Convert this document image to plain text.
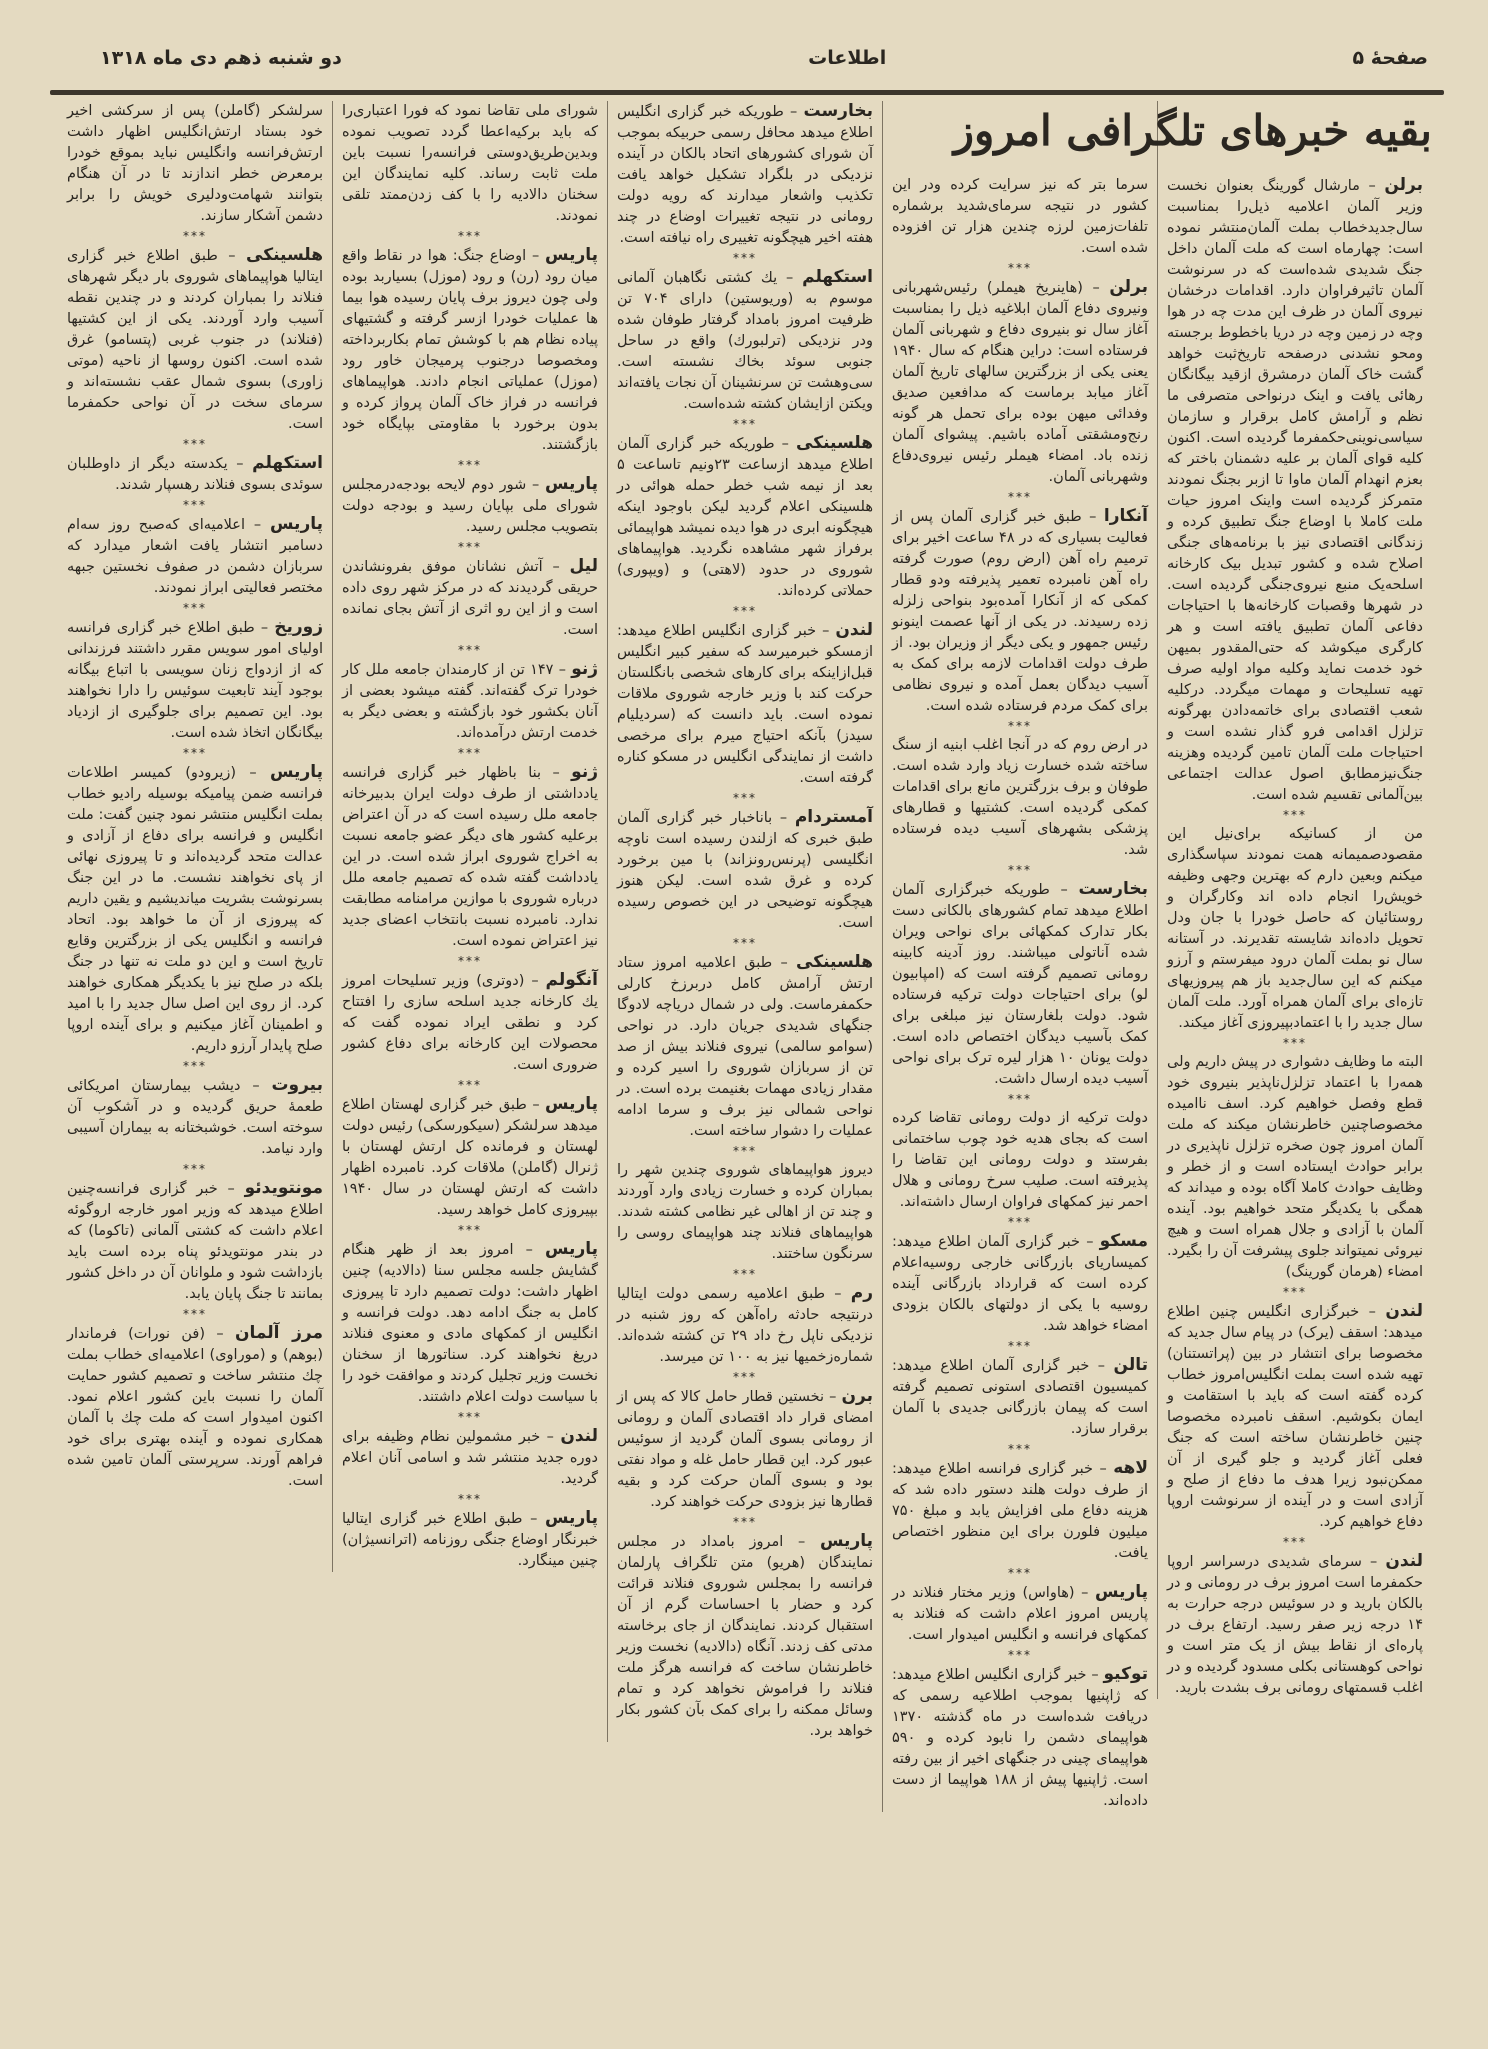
صفحهٔ ۵
اطلاعات
دو شنبه ذهم دی ماه ۱۳۱۸
بقیه خبرهای تلگرافی امروز

برلن – مارشال گورینگ بعنوان نخست وزیر آلمان اعلامیه ذیل‌را بمناسبت سال‌جدیدخطاب بملت آلمان‌منتشر نموده است: چهارماه است که ملت آلمان داخل جنگ شدیدی شده‌است که در سرنوشت آلمان تاثیرفراوان دارد. اقدامات درخشان نیروی آلمان در ظرف این مدت چه در هوا وچه در زمین وچه در دریا باخطوط برجسته ومحو نشدنی درصفحه تاریخ‌ثبت خواهد گشت خاک آلمان درمشرق ازقید بیگانگان رهائی یافت و اینک درنواحی متصرفی ما نظم و آرامش کامل برقرار و سازمان سیاسی‌نوینی‌حکمفرما گردیده است. اکنون کلیه قوای آلمان بر علیه دشمنان باختر که بعزم انهدام آلمان ماوا تا ازبر بجنگ نمودند متمرکز گردیده است واینک امروز حیات ملت کاملا با اوضاع جنگ تطبیق کرده و زندگانی اقتصادی نیز با برنامه‌های جنگی اصلاح شده و کشور تبدیل بیک کارخانه اسلحه‌یک منبع نیروی‌جنگی گردیده است. در شهرها وقصبات کارخانه‌ها با احتیاجات دفاعی آلمان تطبیق یافته است و هر کارگری میکوشد که حتی‌المقدور بمیهن خود خدمت نماید وکلیه مواد اولیه صرف تهیه تسلیحات و مهمات میگردد. درکلیه شعب اقتصادی برای خاتمه‌دادن بهرگونه تزلزل اقدامی فرو گذار نشده است و احتیاجات ملت آلمان تامین گردیده وهزینه جنگ‌نیزمطابق اصول عدالت اجتماعی بین‌آلمانی تقسیم شده است.

***

من از کسانیکه برای‌نیل این مقصودصمیمانه همت نمودند سپاسگذاری میکنم وبعین دارم که بهترین وجهی وظیفه خویش‌را انجام داده اند وکارگران و روستائیان که حاصل خودرا با جان ودل تحویل داده‌اند شایسته تقدیرند. در آستانه سال نو بملت آلمان درود میفرستم و آرزو میکنم که این سال‌جدید باز هم پیروزیهای تازه‌ای برای آلمان همراه آورد. ملت آلمان سال جدید را با اعتمادبپیروزی آغاز میکند.

***

البته ما وظایف دشواری در پیش داریم ولی همه‌را با اعتماد تزلزل‌ناپذیر بنیروی خود قطع وفصل خواهیم کرد. اسف ناامیده مخصوصاچنین خاطرنشان میکند که ملت آلمان امروز چون صخره تزلزل ناپذیری در برابر حوادث ایستاده است و از خطر و وظایف حوادث کاملا آگاه بوده و میداند که همگی با یکدیگر متحد خواهیم بود. آینده آلمان با آزادی و جلال همراه است و هیچ نیروئی نمیتواند جلوی پیشرفت آن را بگیرد. امضاء (هرمان گورینگ)

***

لندن – خبرگزاری انگلیس چنین اطلاع میدهد: اسقف (یرک) در پیام سال جدید که مخصوصا برای انتشار در بین (پراتستنان) تهیه شده است بملت انگلیس‌امروز خطاب کرده گفته است که باید با استقامت و ایمان بکوشیم. اسقف نامبرده مخصوصا چنین خاطرنشان ساخته است که جنگ فعلی آغاز گردید و جلو گیری از آن ممکن‌نبود زیرا هدف ما دفاع از صلح و آزادی است و در آینده از سرنوشت اروپا دفاع خواهیم کرد.

***

لندن – سرمای شدیدی درسراسر اروپا حکمفرما است امروز برف در رومانی و در بالکان بارید و در سوئیس درجه حرارت به ۱۴ درجه زیر صفر رسید. ارتفاع برف در پاره‌ای از نقاط بیش از یک متر است و نواحی کوهستانی بکلی مسدود گردیده و در اغلب قسمتهای رومانی برف بشدت بارید.

سرما بتر که نیز سرایت کرده ودر این کشور در نتیجه سرمای‌شدید برشماره تلفات‌زمین لرزه چندین هزار تن افزوده شده است.

***

برلن – (هاینریخ هیملر) رئیس‌شهربانی ونیروی دفاع آلمان ابلاغیه ذیل را بمناسبت آغاز سال نو بنیروی دفاع و شهربانی آلمان فرستاده است: دراین هنگام که سال ۱۹۴۰ یعنی یکی از بزرگترین سالهای تاریخ آلمان آغاز میابد برماست که مدافعین صدیق وفدائی میهن بوده برای تحمل هر گونه رنج‌ومشقتی آماده باشیم. پیشوای آلمان زنده باد. امضاء هیملر رئیس نیروی‌دفاع وشهربانی آلمان.

***

آنکارا – طبق خبر گزاری آلمان پس از فعالیت بسیاری که در ۴۸ ساعت اخیر برای ترمیم راه آهن (ارض روم) صورت گرفته راه آهن نامبرده تعمیر پذیرفته ودو قطار کمکی که از آنکارا آمده‌بود بنواحی زلزله زده رسیدند. در یکی از آنها عصمت اینونو رئیس جمهور و یکی دیگر از وزیران بود. از طرف دولت اقدامات لازمه برای کمک به آسیب دیدگان بعمل آمده و نیروی نظامی برای کمک مردم فرستاده شده است.

***

در ارض روم که در آنجا اغلب ابنیه از سنگ ساخته شده خسارت زیاد وارد شده است. طوفان و برف بزرگترین مانع برای اقدامات کمکی گردیده است. کشتیها و قطارهای پزشکی بشهرهای آسیب دیده فرستاده شد.

***

بخارست – طوریکه خبرگزاری آلمان اطلاع میدهد تمام کشورهای بالکانی دست بکار تدارک کمکهائی برای نواحی ویران شده آناتولی میباشند. روز آدینه کابینه رومانی تصمیم گرفته است که (امپابیون لو) برای‌ احتیاجات دولت ترکیه فرستاده شود. دولت بلغارستان نیز مبلغی برای کمک بآسیب دیدگان اختصاص داده است. دولت یونان ۱۰ هزار لیره ترک برای نواحی آسیب دیده ارسال داشت.

***

دولت ترکیه از دولت رومانی تقاضا کرده است که بجای هدیه خود چوب ساختمانی بفرستد و دولت رومانی این تقاضا را پذیرفته است. صلیب سرخ رومانی و هلال احمر نیز کمکهای فراوان ارسال داشته‌اند.

***

مسکو – خبر گزاری آلمان اطلاع میدهد: کمیساریای بازرگانی خارجی روسیه‌اعلام کرده است که قرارداد بازرگانی آینده روسیه با یکی از دولتهای بالکان بزودی امضاء خواهد شد.

***

تالن – خبر گزاری آلمان اطلاع میدهد: کمیسیون اقتصادی استونی تصمیم گرفته است که پیمان بازرگانی جدیدی با آلمان برقرار سازد.

***

لاهه – خبر گزاری فرانسه اطلاع میدهد: از طرف دولت هلند دستور داده شد که هزینه دفاع ملی افزایش یابد و مبلغ ۷۵۰ میلیون فلورن برای این منظور اختصاص یافت.

***

پاریس – (هاواس) وزیر مختار فنلاند در پاریس امروز اعلام داشت که فنلاند به کمکهای فرانسه و انگلیس امیدوار است.

***

توکیو – خبر گزاری انگلیس اطلاع میدهد: که ژاپنیها بموجب اطلاعیه رسمی که دریافت شده‌است در ماه گذشته ۱۳۷۰ هواپیمای دشمن را نابود کرده و ۵۹۰ هواپیمای چینی در جنگهای اخیر از بین رفته است. ژاپنیها پیش از ۱۸۸ هواپیما از دست داده‌اند.

بخارست – طوریکه خبر گزاری انگلیس اطلاع میدهد محافل رسمی حربیکه بموجب آن شورای کشورهای اتحاد بالکان در آینده نزدیکی در بلگراد تشکیل خواهد یافت تکذیب واشعار میدارند که رویه دولت رومانی در نتیجه تغییرات اوضاع در چند هفته اخیر هیچگونه تغییری راه نیافته است.

***

استکهلم – یك کشتی نگاهبان آلمانی موسوم به (وریوستین) دارای ۷۰۴ تن ظرفیت امروز بامداد گرفتار طوفان شده ودر نزدیکی (ترلبورك) واقع در ساحل جنوبی سوئد بخاك نشسته است. سی‌وهشت تن سرنشینان آن نجات یافته‌اند ویکتن ازایشان کشته شده‌است.

***

هلسینکی – طوریکه خبر گزاری آلمان اطلاع میدهد ازساعت ۲۳ونیم تاساعت ۵ بعد از نیمه شب خطر حمله هوائی در هلسینکی اعلام گردید لیکن باوجود اینکه هیچگونه ابری در هوا دیده نمیشد هواپیمائی برفراز شهر مشاهده نگردید. هواپیماهای شوروی در حدود (لاهتی) و (ویپوری) حملاتی کرده‌اند.

***

لندن – خبر گزاری انگلیس اطلاع میدهد: ازمسکو خبرمیرسد که سفیر کبیر انگلیس قبل‌ازاینکه برای کارهای شخصی بانگلستان حرکت کند با وزیر خارجه شوروی ملاقات نموده است. باید دانست که (سردیلیام سیدز) بآنکه احتیاج میرم برای مرخصی داشت از نمایندگی انگلیس در مسکو کناره گرفته است.

***

آمستردام – باناخبار خبر گزاری آلمان طبق خبری که ازلندن رسیده است ناوچه انگلیسی (پرنس‌رونزاند) با مین برخورد کرده و غرق شده است. لیکن هنوز هیچگونه توضیحی در این خصوص رسیده است.

***

هلسینکی – طبق اعلامیه امروز ستاد ارتش آرامش کامل دربرزخ کارلی حکمفرماست. ولی در شمال دریاچه لادوگا جنگهای شدیدی جریان دارد. در نواحی (سوامو سالمی) نیروی فنلاند بیش از صد تن از سربازان شوروی را اسیر کرده و مقدار زیادی مهمات بغنیمت برده است. در نواحی شمالی نیز برف و سرما ادامه عملیات را دشوار ساخته است.

***

دیروز هواپیماهای شوروی چندین شهر را بمباران کرده و خسارت زیادی وارد آوردند و چند تن از اهالی غیر نظامی کشته شدند. هواپیماهای فنلاند چند هواپیمای روسی را سرنگون ساختند.

***

رم – طبق اعلامیه رسمی دولت ایتالیا درنتیجه حادثه راه‌آهن که روز شنبه در نزدیکی ناپل رخ داد ۲۹ تن کشته شده‌اند. شماره‌زخمیها نیز به ۱۰۰ تن میرسد.

***

برن – نخستین قطار حامل کالا که پس از امضای قرار داد اقتصادی آلمان و رومانی از رومانی بسوی آلمان گردید از سوئیس عبور کرد. این قطار حامل غله و مواد نفتی بود و بسوی آلمان حرکت کرد و بقیه قطارها نیز بزودی حرکت خواهند کرد.

***

پاریس – امروز بامداد در مجلس نمایندگان (هریو) متن تلگراف پارلمان فرانسه را بمجلس شوروی فنلاند قرائت کرد و حضار با احساسات گرم از آن استقبال کردند. نمایندگان از جای برخاسته مدتی کف زدند. آنگاه (دالادیه) نخست وزیر خاطرنشان ساخت که فرانسه هرگز ملت فنلاند را فراموش نخواهد کرد و تمام وسائل ممکنه را برای کمک بآن کشور بکار خواهد برد.

شورای ملی تقاضا نمود که فورا اعتباری‌را که باید برکیه‌اعطا گردد تصویب نموده وبدین‌طریق‌دوستی فرانسه‌را نسبت باین ملت ثابت رساند. کلیه نمایندگان این سخنان دالادیه را با کف زدن‌ممتد تلقی نمودند.

***

پاریس – اوضاع جنگ: هوا در نقاط واقع میان رود (رن) و رود (موزل) بسیاربد بوده ولی چون دیروز برف پایان رسیده هوا بیما ها عملیات خودرا ازسر گرفته و گشتیهای پیاده نظام هم با کوشش تمام بکاربرداخته ومخصوصا درجنوب پرمیجان خاور رود (موزل) عملیاتی انجام دادند. هواپیماهای فرانسه در فراز خاک آلمان پرواز کرده و بدون برخورد با مقاومتی بپایگاه خود بازگشتند.

***

پاریس – شور دوم لایحه بودجه‌درمجلس شورای ملی بپایان رسید و بودجه دولت بتصویب مجلس رسید.

***

لیل – آتش نشانان موفق بفرونشاندن حریقی گردیدند که در مرکز شهر روی داده است و از این رو اثری از آتش بجای نمانده است.

***

ژنو – ۱۴۷ تن از کارمندان جامعه ملل کار خودرا ترک گفته‌اند. گفته میشود بعضی از آنان بکشور خود بازگشته و بعضی دیگر به خدمت ارتش درآمده‌اند.

***

ژنو – بنا باظهار خبر گزاری فرانسه یادداشتی از طرف دولت ایران بدبیرخانه جامعه ملل رسیده است که در آن اعتراض برعلیه کشور های دیگر عضو جامعه نسبت به اخراج شوروی ابراز شده است. در این یادداشت گفته شده که تصمیم جامعه ملل درباره شوروی با موازین مرامنامه مطابقت ندارد. نامبرده نسبت بانتخاب اعضای جدید نیز اعتراض نموده است.

***

آنگولم – (دوتری) وزیر تسلیحات امروز یك کارخانه جدید اسلحه سازی را افتتاح کرد و نطقی ایراد نموده گفت که محصولات این کارخانه برای دفاع کشور ضروری است.

***

پاریس – طبق خبر گزاری لهستان اطلاع میدهد سرلشکر (سیکورسکی) رئیس دولت لهستان و فرمانده کل ارتش لهستان با ژنرال (گاملن) ملاقات کرد. نامبرده اظهار داشت که ارتش لهستان در سال ۱۹۴۰ بپیروزی کامل خواهد رسید.

***

پاریس – امروز بعد از ظهر هنگام گشایش جلسه مجلس سنا (دالادیه) چنین اظهار داشت: دولت تصمیم دارد تا پیروزی کامل به جنگ ادامه دهد. دولت فرانسه و انگلیس از کمکهای مادی و معنوی فنلاند دریغ نخواهند کرد. سناتورها از سخنان نخست وزیر تجلیل کردند و موافقت خود را با سیاست دولت اعلام داشتند.

***

لندن – خبر مشمولین نظام وظیفه برای دوره جدید منتشر شد و اسامی آنان اعلام گردید.

***

پاریس – طبق اطلاع خبر گزاری ایتالیا خبرنگار اوضاع جنگی روزنامه (اترانسیژان) چنین مینگارد.

سرلشکر (گاملن) پس از سرکشی اخیر خود بستاد ارتش‌انگلیس اظهار داشت ارتش‌فرانسه وانگلیس نباید بموقع خودرا برمعرض خطر اندازند تا در آن هنگام بتوانند شهامت‌ودلیری خویش را برابر دشمن آشکار سازند.

***

هلسینکی – طبق اطلاع خبر گزاری ایتالیا هواپیماهای شوروی بار دیگر شهرهای فنلاند را بمباران کردند و در چندین نقطه آسیب وارد آوردند. یکی از این کشتیها (فنلاند) در جنوب غربی (پتسامو) غرق شده است. اکنون روسها از ناحیه (موتی زاوری) بسوی شمال عقب نشسته‌اند و سرمای سخت در آن نواحی حکمفرما است.

***

استکهلم – یکدسته دیگر از داوطلبان سوئدی بسوی فنلاند رهسپار شدند.

***

پاریس – اعلامیه‌ای که‌صبح روز سه‌ام دسامبر انتشار یافت اشعار میدارد که سربازان دشمن در صفوف نخستین جبهه مختصر فعالیتی ابراز نمودند.

***

زوریخ – طبق اطلاع خبر گزاری فرانسه اولیای امور سویس مقرر داشتند فرزندانی که از ازدواج زنان سویسی با اتباع بیگانه بوجود آیند تابعیت سوئیس را دارا نخواهند بود. این تصمیم برای جلوگیری از ازدیاد بیگانگان اتخاذ شده است.

***

پاریس – (زیرودو) کمیسر اطلاعات فرانسه ضمن پیامیکه بوسیله رادیو خطاب بملت انگلیس منتشر نمود چنین گفت: ملت انگلیس و فرانسه برای دفاع از آزادی و عدالت متحد گردیده‌اند و تا پیروزی نهائی از پای نخواهند نشست. ما در این جنگ بسرنوشت بشریت میاندیشیم و یقین داریم که پیروزی از آن ما خواهد بود. اتحاد فرانسه و انگلیس یکی از بزرگترین وقایع تاریخ است و این دو ملت نه تنها در جنگ بلکه در صلح نیز با یکدیگر همکاری خواهند کرد. از روی این اصل سال جدید را با امید و اطمینان آغاز میکنیم و برای آینده اروپا صلح پایدار آرزو داریم.

***

بیروت – دیشب بیمارستان امریکائی طعمهٔ حریق گردیده و در آشکوب آن سوخته است. خوشبختانه به بیماران آسیبی وارد نیامد.

***

مونتویدئو – خبر گزاری فرانسه‌چنین اطلاع میدهد که وزیر امور خارجه اروگوئه اعلام داشت که کشتی آلمانی (تاکوما) که در بندر مونتویدئو پناه برده است باید بازداشت شود و ملوانان آن در داخل کشور بمانند تا جنگ پایان یابد.

***

مرز آلمان – (فن نورات) فرماندار (بوهم) و (موراوی) اعلامیه‌ای خطاب بملت چك منتشر ساخت و تصمیم کشور حمایت آلمان را نسبت باین کشور اعلام نمود. اکنون امیدوار است که ملت چك با آلمان همکاری نموده و آینده بهتری برای خود فراهم آورند. سرپرستی آلمان تامین شده است.
